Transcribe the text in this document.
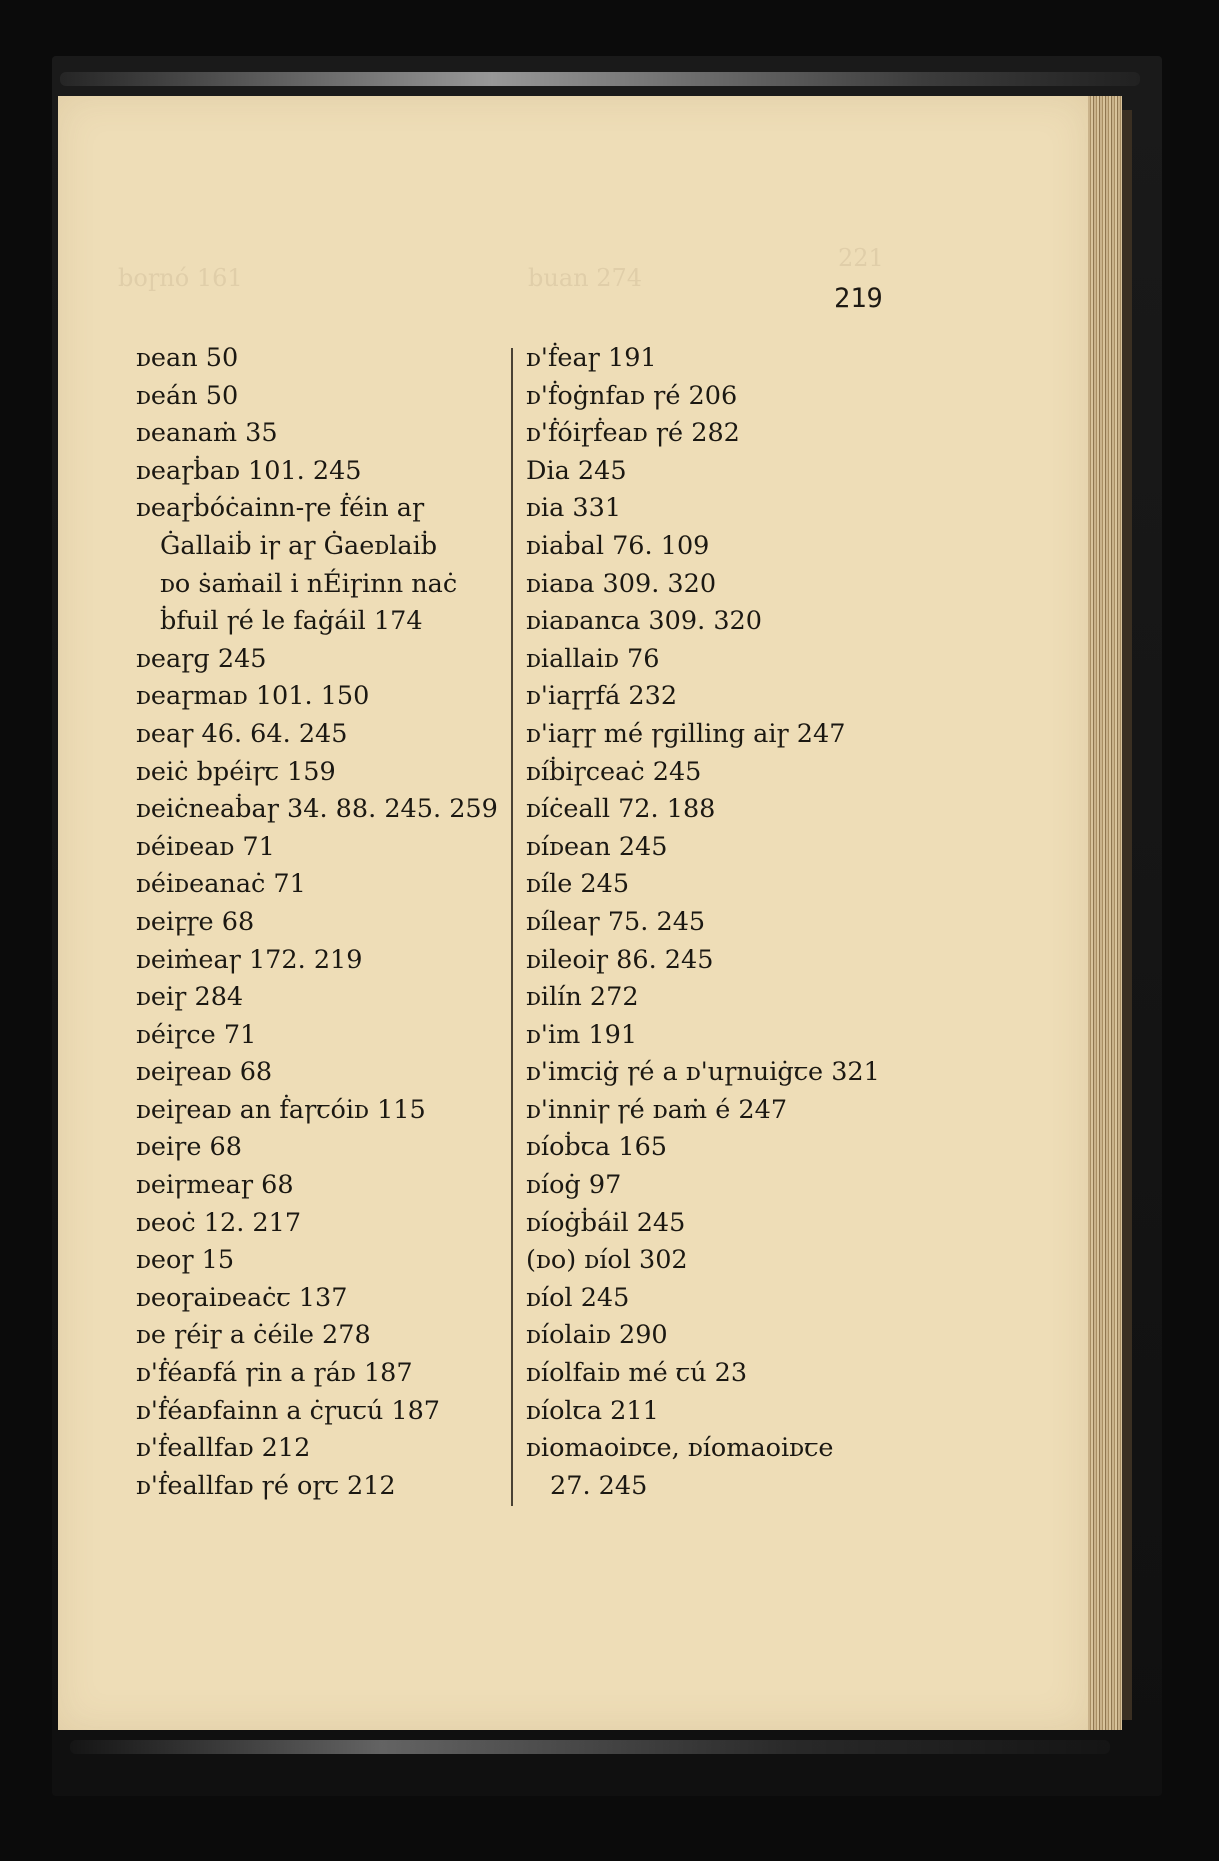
221
boɼnó 161	buan 274
219
ᴅean 50
ᴅeán 50
ᴅeanaṁ 35
ᴅeaɼḃaᴅ 101. 245
ᴅeaɼḃóċainn-ꞅe ḟéin aɼ
Ġallaiḃ iꞅ aɼ Ġaeᴅlaiḃ
ᴅo ṡaṁail i nÉiɼinn naċ
ḃfuil ꞅé le faġáil 174
ᴅeaɼɡ 245
ᴅeaɼmaᴅ 101. 150
ᴅeaꞅ 46. 64. 245
ᴅeiċ bpéiꞅꞇ 159
ᴅeiċneaḃaɼ 34. 88. 245. 259
ᴅéiᴅeaᴅ 71
ᴅéiᴅeanaċ 71
ᴅeiꝼɼe 68
ᴅeiṁeaꞅ 172. 219
ᴅeiɼ 284
ᴅéiɼce 71
ᴅeiɼeaᴅ 68
ᴅeiɼeaᴅ an ḟaꞅꞇóiᴅ 115
ᴅeiꞅe 68
ᴅeiꞅmeaɼ 68
ᴅeoċ 12. 217
ᴅeoɼ 15
ᴅeoɼaiᴅeaċꞇ 137
ᴅe ɼéiɼ a ċéile 278
ᴅ'ḟéaᴅfá ꞅin a ɼáᴅ 187
ᴅ'ḟéaᴅfainn a ċɼuꞇú 187
ᴅ'ḟeallfaᴅ 212
ᴅ'ḟeallfaᴅ ꞅé oɼꞇ 212
ᴅ'ḟeaɼ 191
ᴅ'ḟoġnfaᴅ ꞅé 206
ᴅ'ḟóiɼḟeaᴅ ꞅé 282
Dia 245
ᴅia 331
ᴅiaḃal 76. 109
ᴅiaᴅa 309. 320
ᴅiaᴅanꞇa 309. 320
ᴅiallaiᴅ 76
ᴅ'iaɼɼfá 232
ᴅ'iaɼɼ mé ꞅɡilling aiɼ 247
ᴅíḃiɼceaċ 245
ᴅíċeall 72. 188
ᴅíᴅean 245
ᴅíle 245
ᴅíleaꞅ 75. 245
ᴅileoiɼ 86. 245
ᴅilín 272
ᴅ'im 191
ᴅ'imꞇiġ ꞅé a ᴅ'uɼnuiġꞇe 321
ᴅ'inniꞅ ꞅé ᴅaṁ é 247
ᴅíoḃꞇa 165
ᴅíoġ 97
ᴅíoġḃáil 245
(ᴅo) ᴅíol 302
ᴅíol 245
ᴅíolaiᴅ 290
ᴅíolfaiᴅ mé ꞇú 23
ᴅíolꞇa 211
ᴅiomaoiᴅꞇe, ᴅíomaoiᴅꞇe
27. 245
